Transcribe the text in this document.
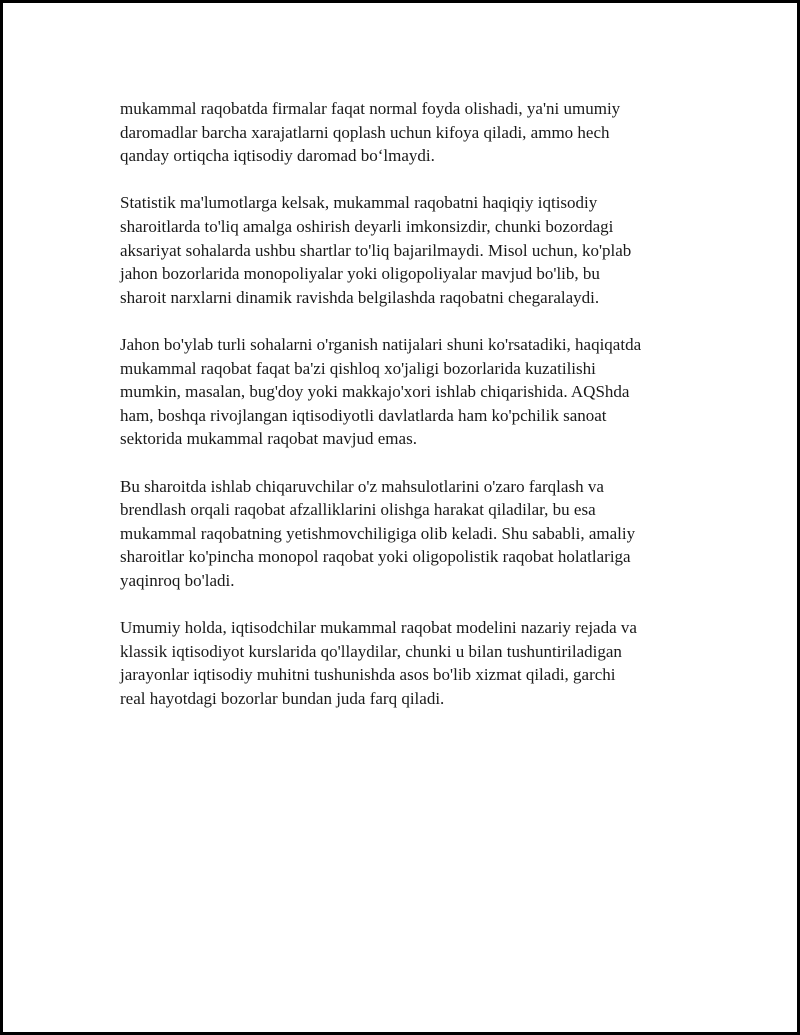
mukammal raqobatda firmalar faqat normal foyda olishadi, ya'ni umumiy
daromadlar barcha xarajatlarni qoplash uchun kifoya qiladi, ammo hech
qanday ortiqcha iqtisodiy daromad bo‘lmaydi.

Statistik ma'lumotlarga kelsak, mukammal raqobatni haqiqiy iqtisodiy
sharoitlarda to'liq amalga oshirish deyarli imkonsizdir, chunki bozordagi
aksariyat sohalarda ushbu shartlar to'liq bajarilmaydi. Misol uchun, ko'plab
jahon bozorlarida monopoliyalar yoki oligopoliyalar mavjud bo'lib, bu
sharoit narxlarni dinamik ravishda belgilashda raqobatni chegaralaydi.

Jahon bo'ylab turli sohalarni o'rganish natijalari shuni ko'rsatadiki, haqiqatda
mukammal raqobat faqat ba'zi qishloq xo'jaligi bozorlarida kuzatilishi
mumkin, masalan, bug'doy yoki makkajo'xori ishlab chiqarishida. AQShda
ham, boshqa rivojlangan iqtisodiyotli davlatlarda ham ko'pchilik sanoat
sektorida mukammal raqobat mavjud emas.

Bu sharoitda ishlab chiqaruvchilar o'z mahsulotlarini o'zaro farqlash va
brendlash orqali raqobat afzalliklarini olishga harakat qiladilar, bu esa
mukammal raqobatning yetishmovchiligiga olib keladi. Shu sababli, amaliy
sharoitlar ko'pincha monopol raqobat yoki oligopolistik raqobat holatlariga
yaqinroq bo'ladi.

Umumiy holda, iqtisodchilar mukammal raqobat modelini nazariy rejada va
klassik iqtisodiyot kurslarida qo'llaydilar, chunki u bilan tushuntiriladigan
jarayonlar iqtisodiy muhitni tushunishda asos bo'lib xizmat qiladi, garchi
real hayotdagi bozorlar bundan juda farq qiladi.
